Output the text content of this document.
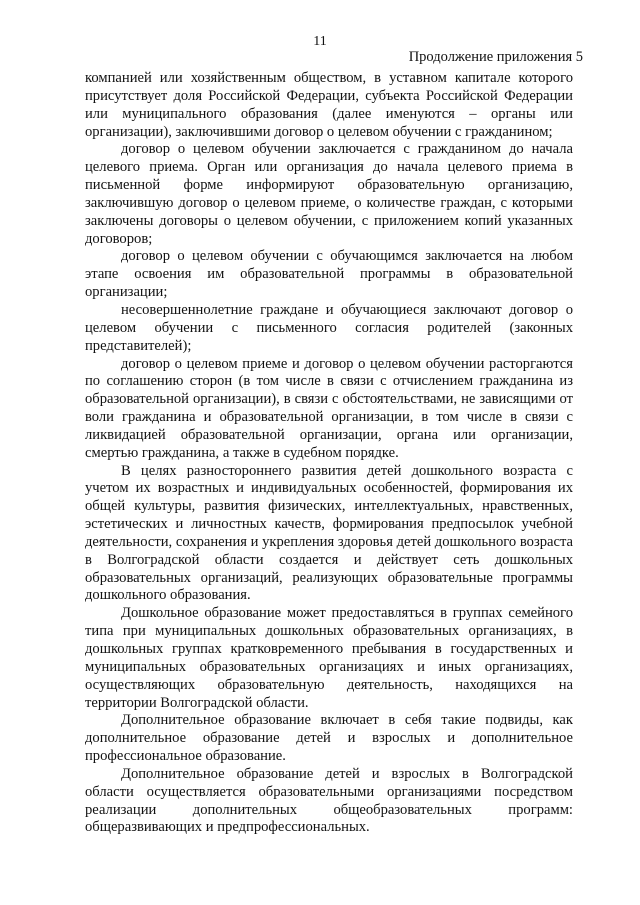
11
Продолжение приложения 5

компанией или хозяйственным обществом, в уставном капитале которого присутствует доля Российской Федерации, субъекта Российской Федерации или муниципального образования (далее именуются – органы или организации), заключившими договор о целевом обучении с гражданином;

договор о целевом обучении заключается с гражданином до начала целевого приема. Орган или организация до начала целевого приема в письменной форме информируют образовательную организацию, заключившую договор о целевом приеме, о количестве граждан, с которыми заключены договоры о целевом обучении, с приложением копий указанных договоров;

договор о целевом обучении с обучающимся заключается на любом этапе освоения им образовательной программы в образовательной организации;

несовершеннолетние граждане и обучающиеся заключают договор о целевом обучении с письменного согласия родителей (законных представителей);

договор о целевом приеме и договор о целевом обучении расторгаются по соглашению сторон (в том числе в связи с отчислением гражданина из образовательной организации), в связи с обстоятельствами, не зависящими от воли гражданина и образовательной организации, в том числе в связи с ликвидацией образовательной организации, органа или организации, смертью гражданина, а также в судебном порядке.

В целях разностороннего развития детей дошкольного возраста с учетом их возрастных и индивидуальных особенностей, формирования их общей культуры, развития физических, интеллектуальных, нравственных, эстетических и личностных качеств, формирования предпосылок учебной деятельности, сохранения и укрепления здоровья детей дошкольного возраста в Волгоградской области создается и действует сеть дошкольных образовательных организаций, реализующих образовательные программы дошкольного образования.

Дошкольное образование может предоставляться в группах семейного типа при муниципальных дошкольных образовательных организациях, в дошкольных группах кратковременного пребывания в государственных и муниципальных образовательных организациях и иных организациях, осуществляющих образовательную деятельность, находящихся на территории Волгоградской области.

Дополнительное образование включает в себя такие подвиды, как дополнительное образование детей и взрослых и дополнительное профессиональное образование.

Дополнительное образование детей и взрослых в Волгоградской области осуществляется образовательными организациями посредством реализации дополнительных общеобразовательных программ: общеразвивающих и предпрофессиональных.
